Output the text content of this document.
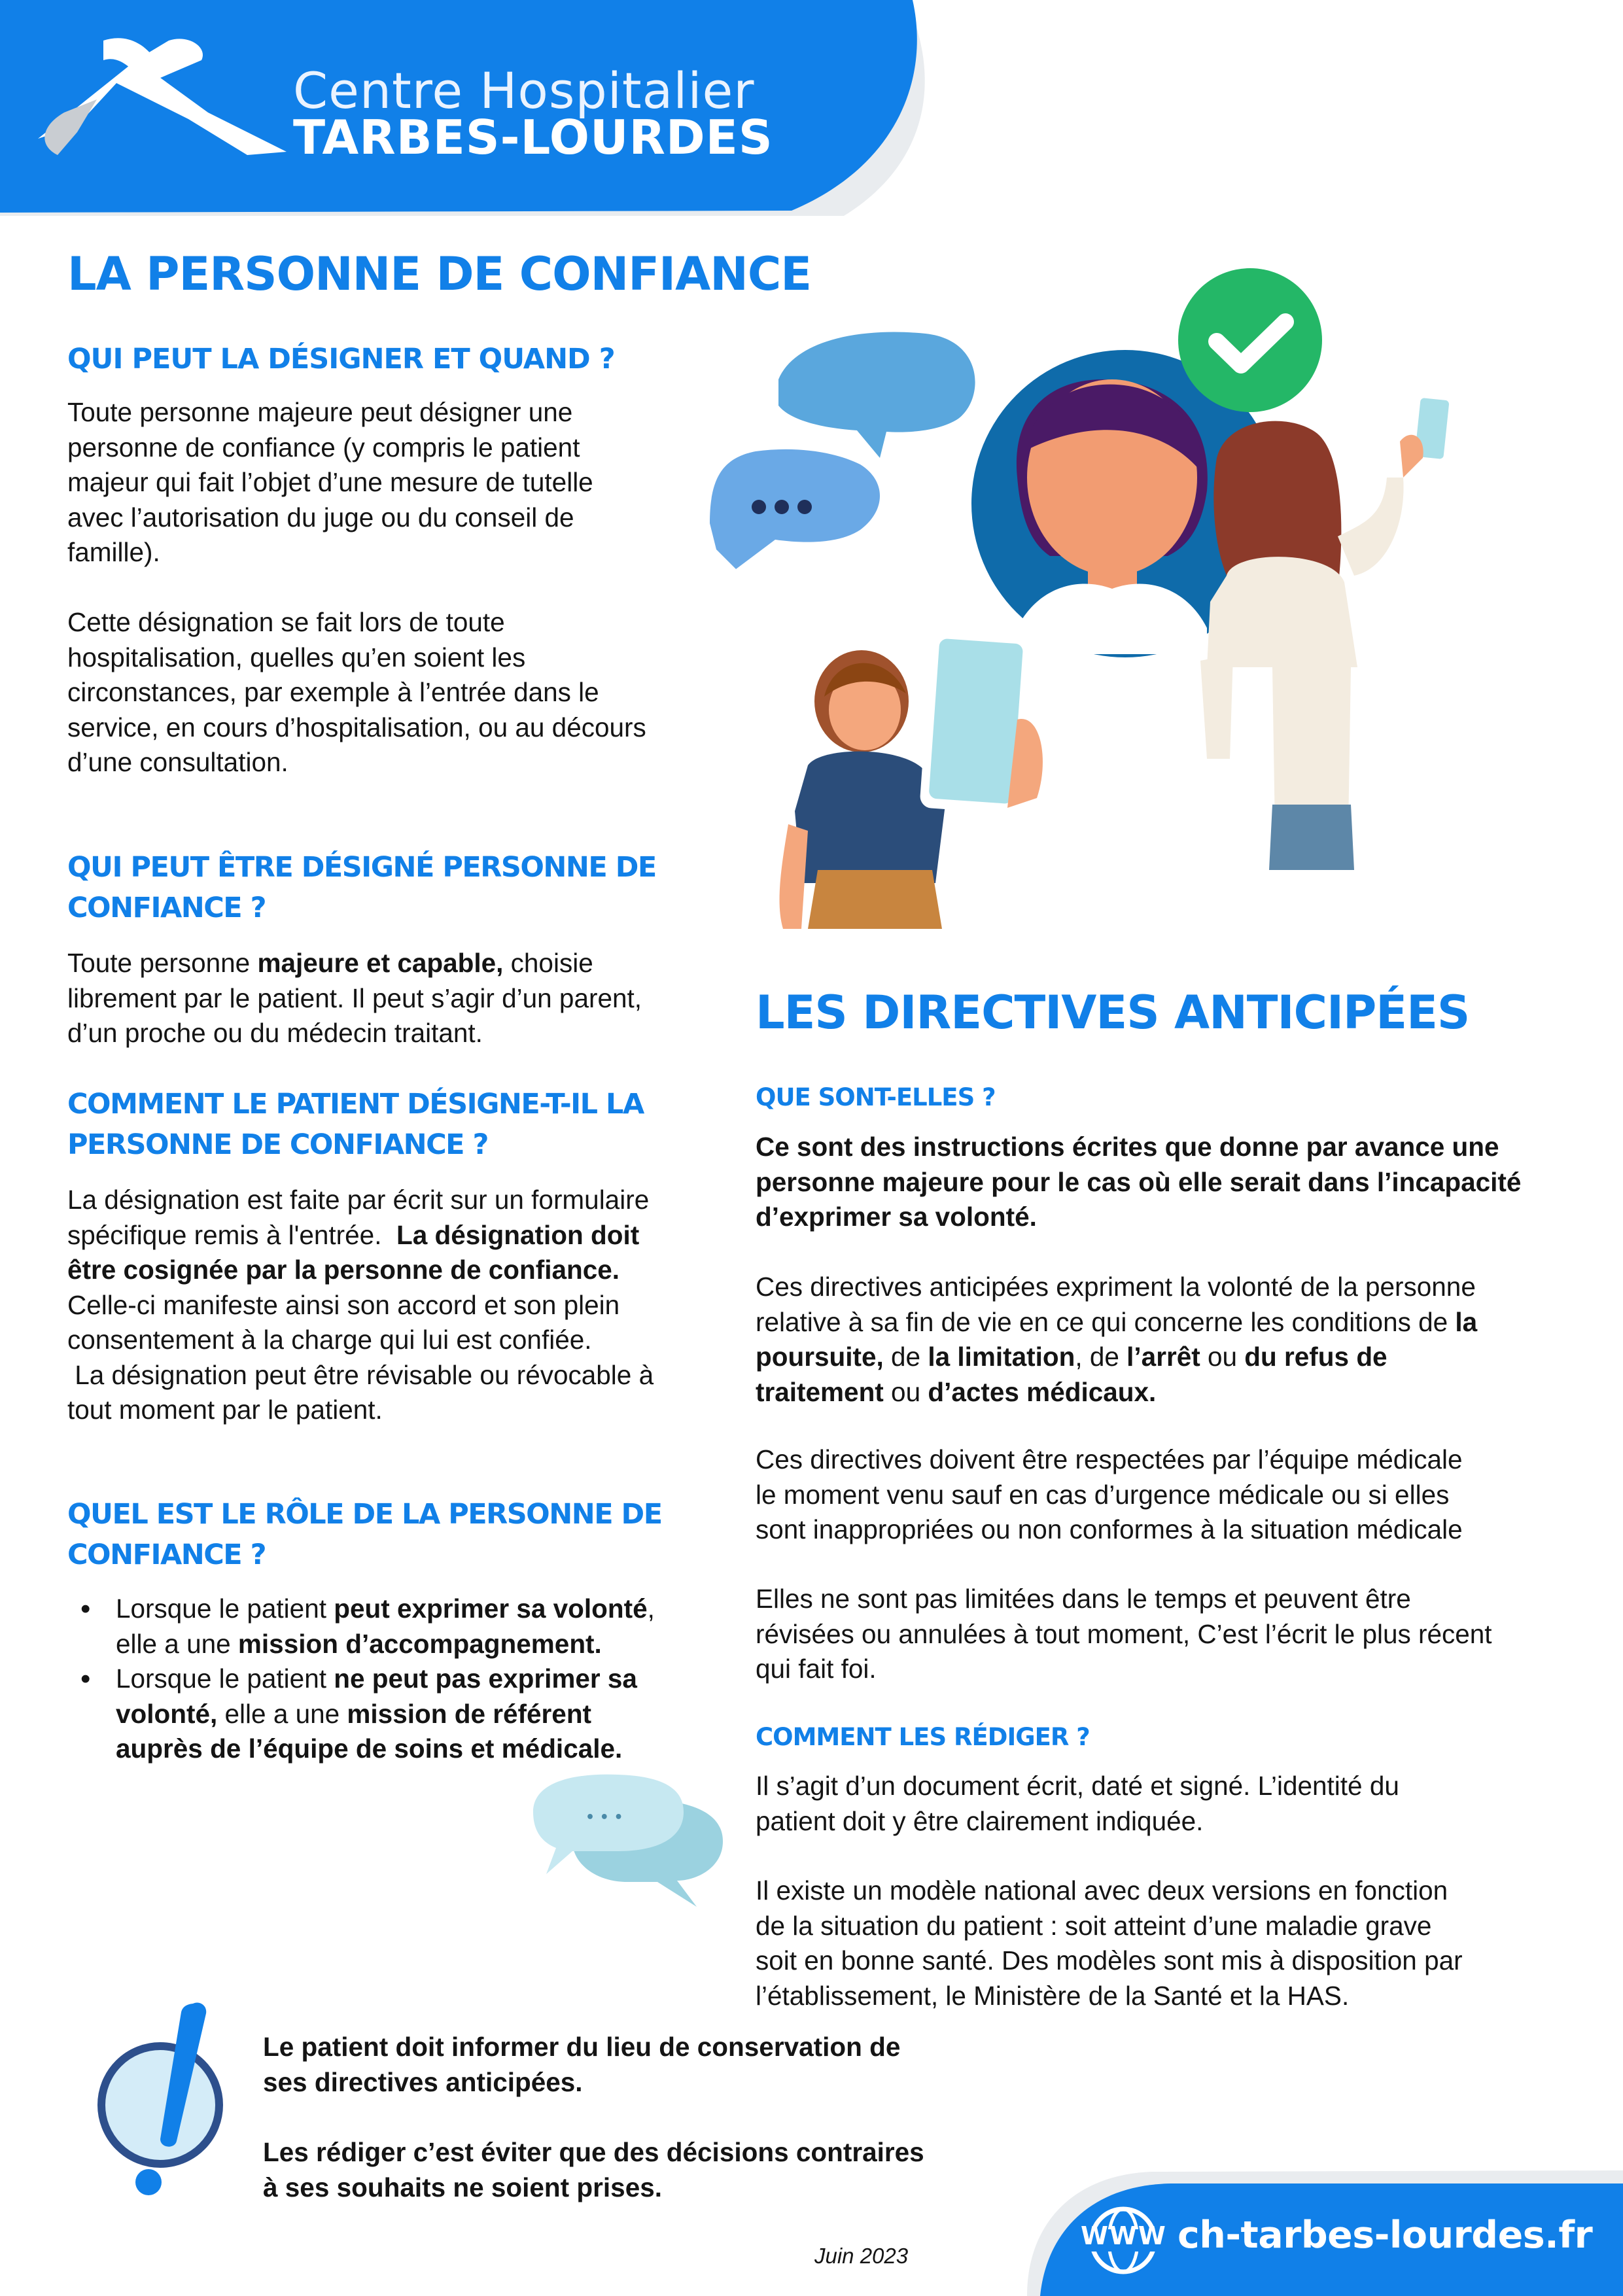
Centre Hospitalier
TARBES-LOURDES
LA PERSONNE DE CONFIANCE
QUI PEUT LA DÉSIGNER ET QUAND ?
Toute personne majeure peut désigner une
personne de confiance (y compris le patient
majeur qui fait l’objet d’une mesure de tutelle
avec l’autorisation du juge ou du conseil de
famille).
Cette désignation se fait lors de toute
hospitalisation, quelles qu’en soient les
circonstances, par exemple à l’entrée dans le
service, en cours d’hospitalisation, ou au décours
d’une consultation.
QUI PEUT ÊTRE DÉSIGNÉ PERSONNE DE
CONFIANCE ?
Toute personne majeure et capable, choisie
librement par le patient. Il peut s’agir d’un parent,
d’un proche ou du médecin traitant.
COMMENT LE PATIENT DÉSIGNE-T-IL LA
PERSONNE DE CONFIANCE ?
La désignation est faite par écrit sur un formulaire
spécifique remis à l'entrée.  La désignation doit
être cosignée par la personne de confiance.
Celle-ci manifeste ainsi son accord et son plein
consentement à la charge qui lui est confiée.
La désignation peut être révisable ou révocable à
tout moment par le patient.
QUEL EST LE RÔLE DE LA PERSONNE DE
CONFIANCE ?
• Lorsque le patient peut exprimer sa volonté,
elle a une mission d’accompagnement.
• Lorsque le patient ne peut pas exprimer sa
volonté, elle a une mission de référent
auprès de l’équipe de soins et médicale.
• • •
LES DIRECTIVES ANTICIPÉES
QUE SONT-ELLES ?
Ce sont des instructions écrites que donne par avance une
personne majeure pour le cas où elle serait dans l’incapacité
d’exprimer sa volonté.
Ces directives anticipées expriment la volonté de la personne
relative à sa fin de vie en ce qui concerne les conditions de la
poursuite, de la limitation, de l’arrêt ou du refus de
traitement ou d’actes médicaux.
Ces directives doivent être respectées par l’équipe médicale
le moment venu sauf en cas d’urgence médicale ou si elles
sont inappropriées ou non conformes à la situation médicale
Elles ne sont pas limitées dans le temps et peuvent être
révisées ou annulées à tout moment, C’est l’écrit le plus récent
qui fait foi.
COMMENT LES RÉDIGER ?
Il s’agit d’un document écrit, daté et signé. L’identité du
patient doit y être clairement indiquée.
Il existe un modèle national avec deux versions en fonction
de la situation du patient : soit atteint d’une maladie grave
soit en bonne santé. Des modèles sont mis à disposition par
l’établissement, le Ministère de la Santé et la HAS.
Le patient doit informer du lieu de conservation de
ses directives anticipées.
Les rédiger c’est éviter que des décisions contraires
à ses souhaits ne soient prises.
Juin 2023
WWW ch-tarbes-lourdes.fr
